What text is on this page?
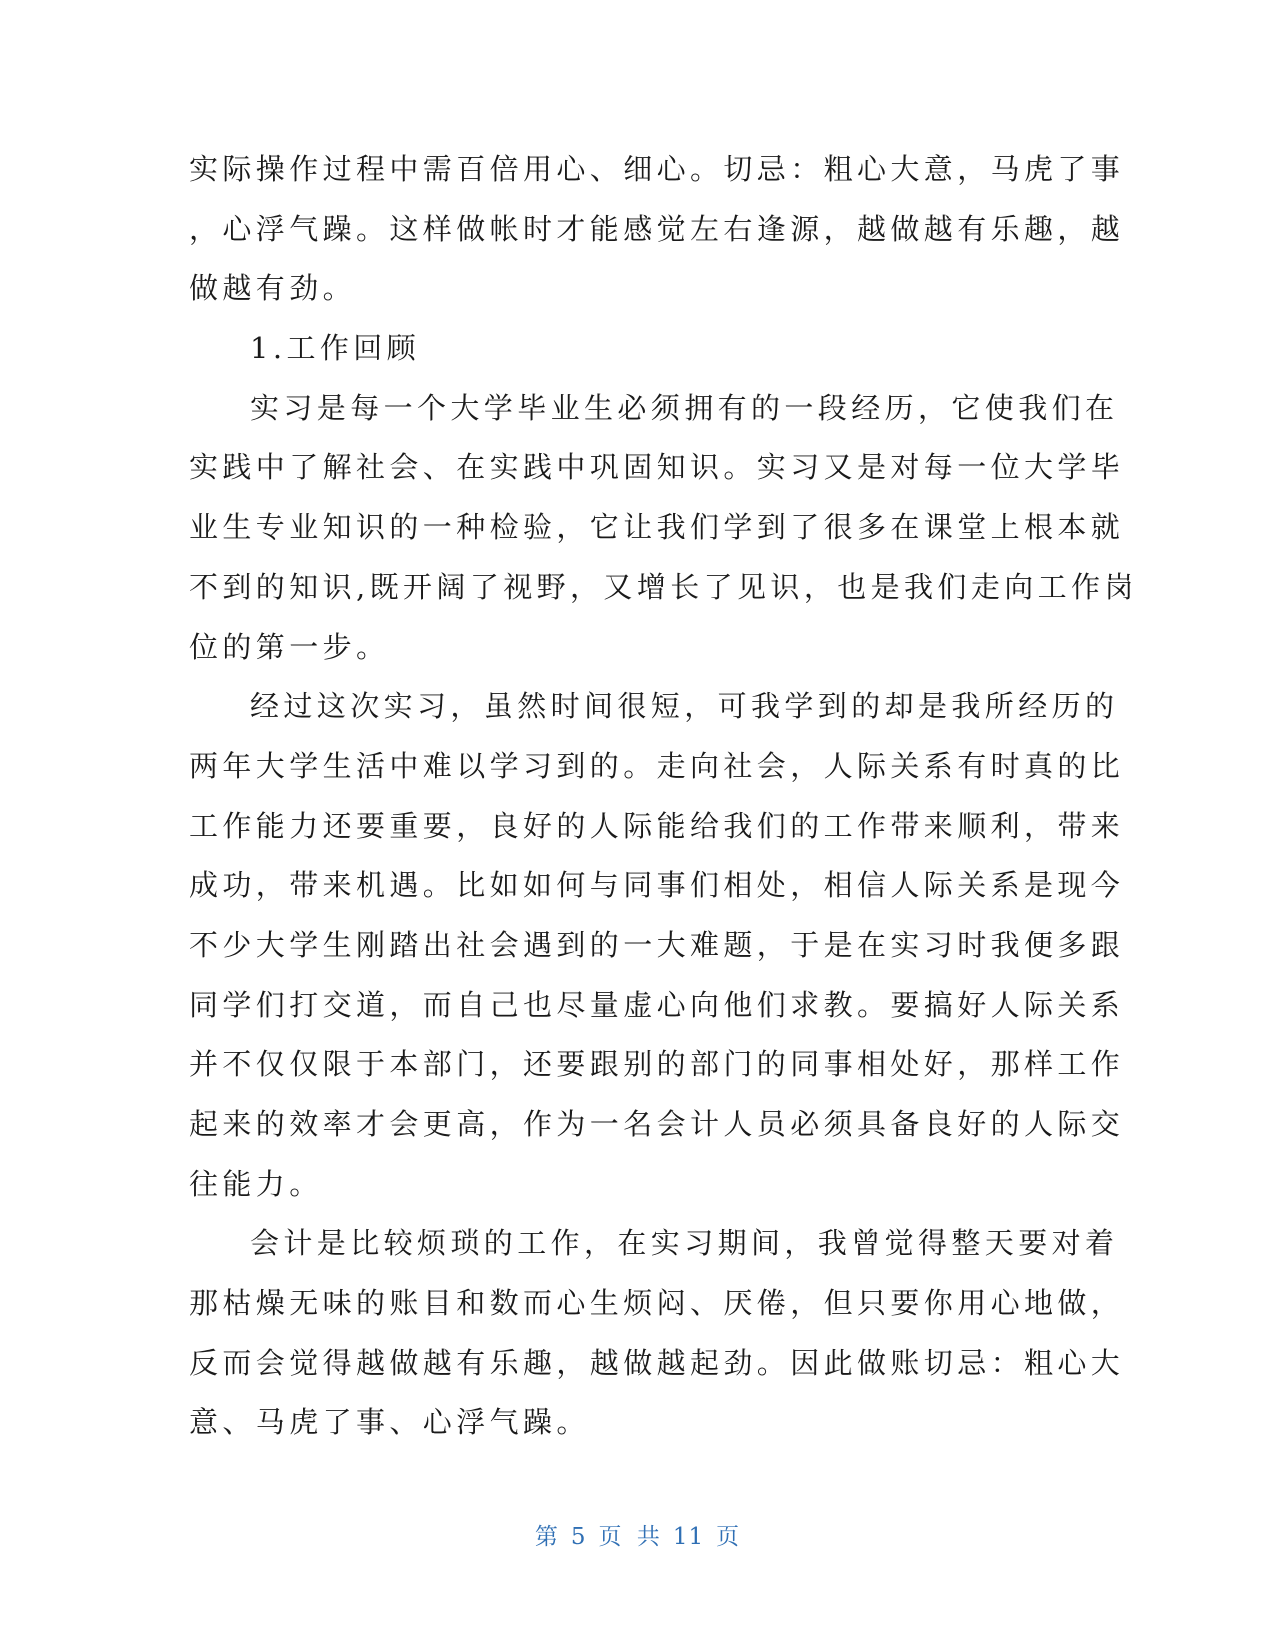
实际操作过程中需百倍用心、细心。切忌：粗心大意，马虎了事
，心浮气躁。这样做帐时才能感觉左右逢源，越做越有乐趣，越
做越有劲。
1.工作回顾
实习是每一个大学毕业生必须拥有的一段经历，它使我们在
实践中了解社会、在实践中巩固知识。实习又是对每一位大学毕
业生专业知识的一种检验，它让我们学到了很多在课堂上根本就
不到的知识,既开阔了视野，又增长了见识，也是我们走向工作岗
位的第一步。
经过这次实习，虽然时间很短，可我学到的却是我所经历的
两年大学生活中难以学习到的。走向社会，人际关系有时真的比
工作能力还要重要，良好的人际能给我们的工作带来顺利，带来
成功，带来机遇。比如如何与同事们相处，相信人际关系是现今
不少大学生刚踏出社会遇到的一大难题，于是在实习时我便多跟
同学们打交道，而自己也尽量虚心向他们求教。要搞好人际关系
并不仅仅限于本部门，还要跟别的部门的同事相处好，那样工作
起来的效率才会更高，作为一名会计人员必须具备良好的人际交
往能力。
会计是比较烦琐的工作，在实习期间，我曾觉得整天要对着
那枯燥无味的账目和数而心生烦闷、厌倦，但只要你用心地做，
反而会觉得越做越有乐趣，越做越起劲。因此做账切忌：粗心大
意、马虎了事、心浮气躁。
第 5 页 共 11 页
